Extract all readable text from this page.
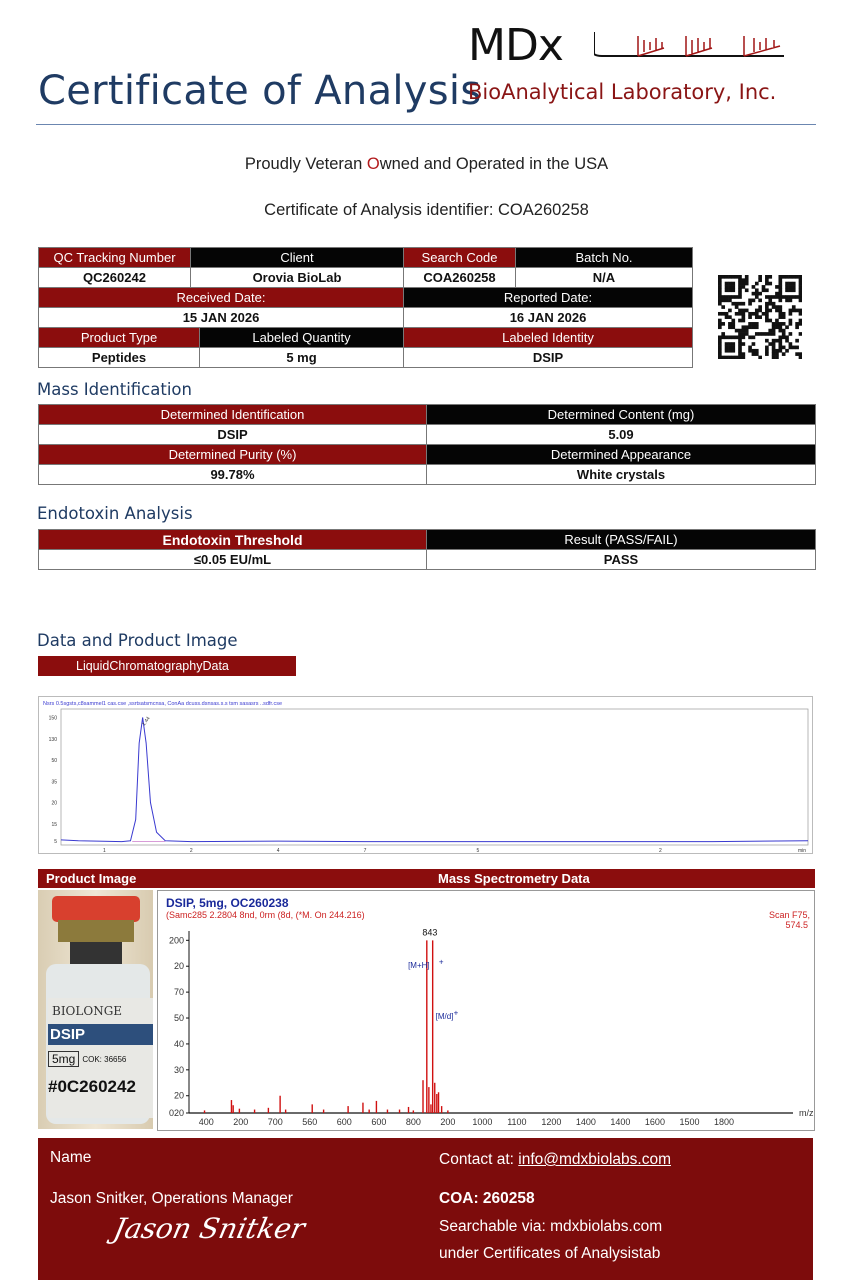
Certificate of Analysis
MDx
BioAnalytical Laboratory, Inc.
Proudly Veteran Owned and Operated in the USA
Certificate of Analysis identifier: COA260258
QC Tracking Number	Client		Search Code	Batch No.
QC260242	Orovia BioLab		COA260258	N/A
Received Date:			Reported Date:	
15 JAN 2026			16 JAN 2026	
Product Type		Labeled Quantity	Labeled Identity	
Peptides		5 mg	DSIP	
Mass Identification
Determined Identification	Determined Content (mg)
DSIP	5.09
Determined Purity (%)	Determined Appearance
99.78%	White crystals
Endotoxin Analysis
Endotoxin Threshold	Result (PASS/FAIL)
≤0.05 EU/mL	PASS
Data and Product Image
LiquidChromatographyData
Nsrs 0.5sgsts,c8sammel1 cas.cse ,ssrtsatsmcnsa, ConAa dcuss.dsnsas.s.s tsm sasasrs ..sdfr.cse
150
130
50
35
20
15
5
1	2	4	7	5	2	min
1.44
Product Image	Mass Spectrometry Data
BIOLONGE
DSIP
5mg COK: 36656
#0C260242
DSIP, 5mg, OC260238
(Samc285 2.2804 8nd, 0rm (8d, (*M. On 244.216)	Scan F75,
574.5
200
20
70
50
40
30
20
020
400 200 700 560 600 600 800 200 1000 1100 1200 1400 1400 1600 1500 1800
m/z
843
[M+H] +
[M/d] +
Name
Jason Snitker, Operations Manager
Jason Snitker
Contact at: info@mdxbiolabs.com
COA: 260258
Searchable via: mdxbiolabs.com
under Certificates of Analysistab
